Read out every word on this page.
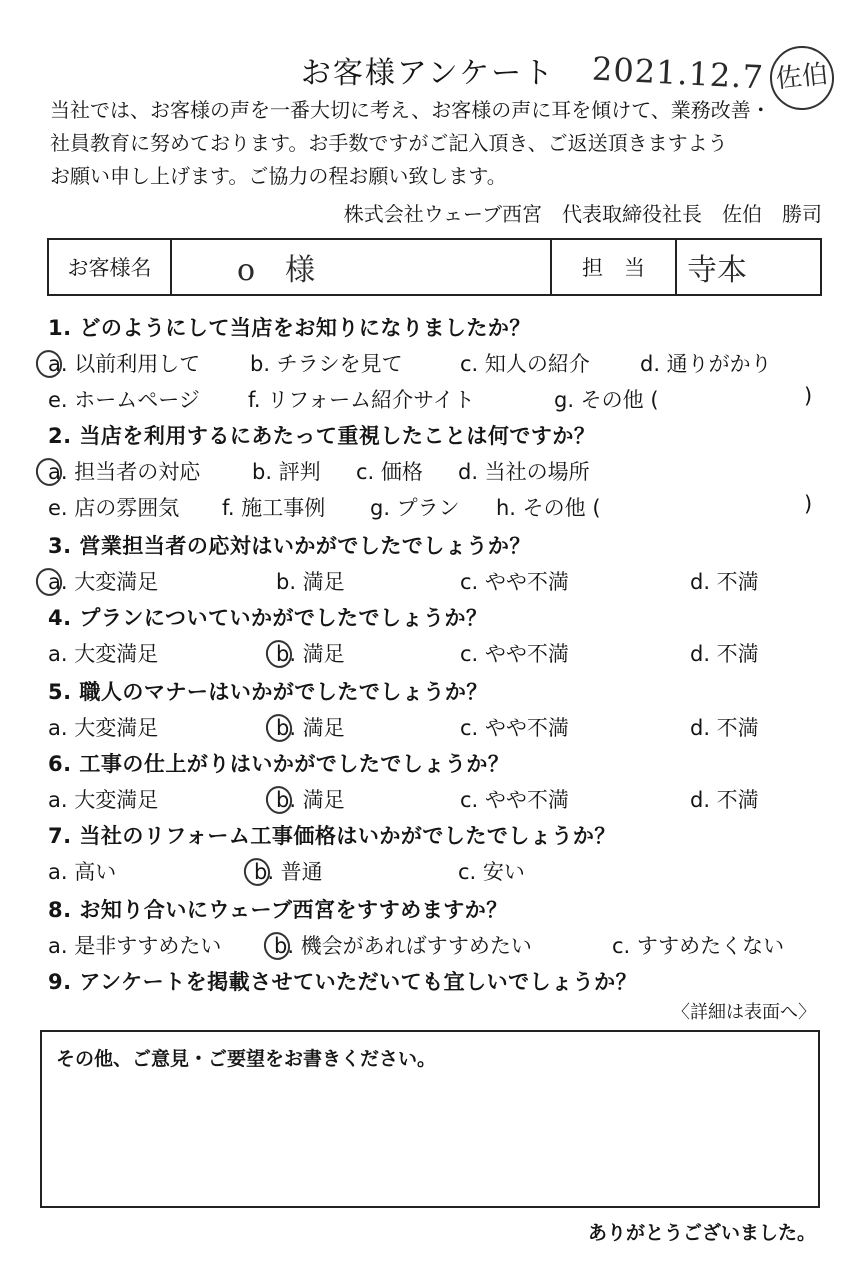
お客様アンケート	2021.12.7 佐伯
当社では、お客様の声を一番大切に考え、お客様の声に耳を傾けて、業務改善・
社員教育に努めております。お手数ですがご記入頂き、ご返送頂きますよう
お願い申し上げます。ご協力の程お願い致します。
株式会社ウェーブ西宮　代表取締役社長　佐伯　勝司
お客様名	o　様	担　当	寺本
1. どのようにして当店をお知りになりましたか？
a. 以前利用して b. チラシを見て	c. 知人の紹介 d. 通りがかり
e. ホームページ f. リフォーム紹介サイト	g. その他 (	)
2. 当店を利用するにあたって重視したことは何ですか？
a. 担当者の対応 b. 評判 c. 価格 d. 当社の場所
e. 店の雰囲気 f. 施工事例 g. プラン h. その他 (	)
3. 営業担当者の応対はいかがでしたでしょうか？
a. 大変満足	b. 満足	c. やや不満	d. 不満
4. プランについていかがでしたでしょうか？
a. 大変満足	b. 満足	c. やや不満	d. 不満
5. 職人のマナーはいかがでしたでしょうか？
a. 大変満足	b. 満足	c. やや不満	d. 不満
6. 工事の仕上がりはいかがでしたでしょうか？
a. 大変満足	b. 満足	c. やや不満	d. 不満
7. 当社のリフォーム工事価格はいかがでしたでしょうか？
a. 高い	b. 普通	c. 安い
8. お知り合いにウェーブ西宮をすすめますか？
a. 是非すすめたい	b. 機会があればすすめたい	c. すすめたくない
9. アンケートを掲載させていただいても宜しいでしょうか？
〈詳細は表面へ〉
その他、ご意見・ご要望をお書きください。
ありがとうございました。
